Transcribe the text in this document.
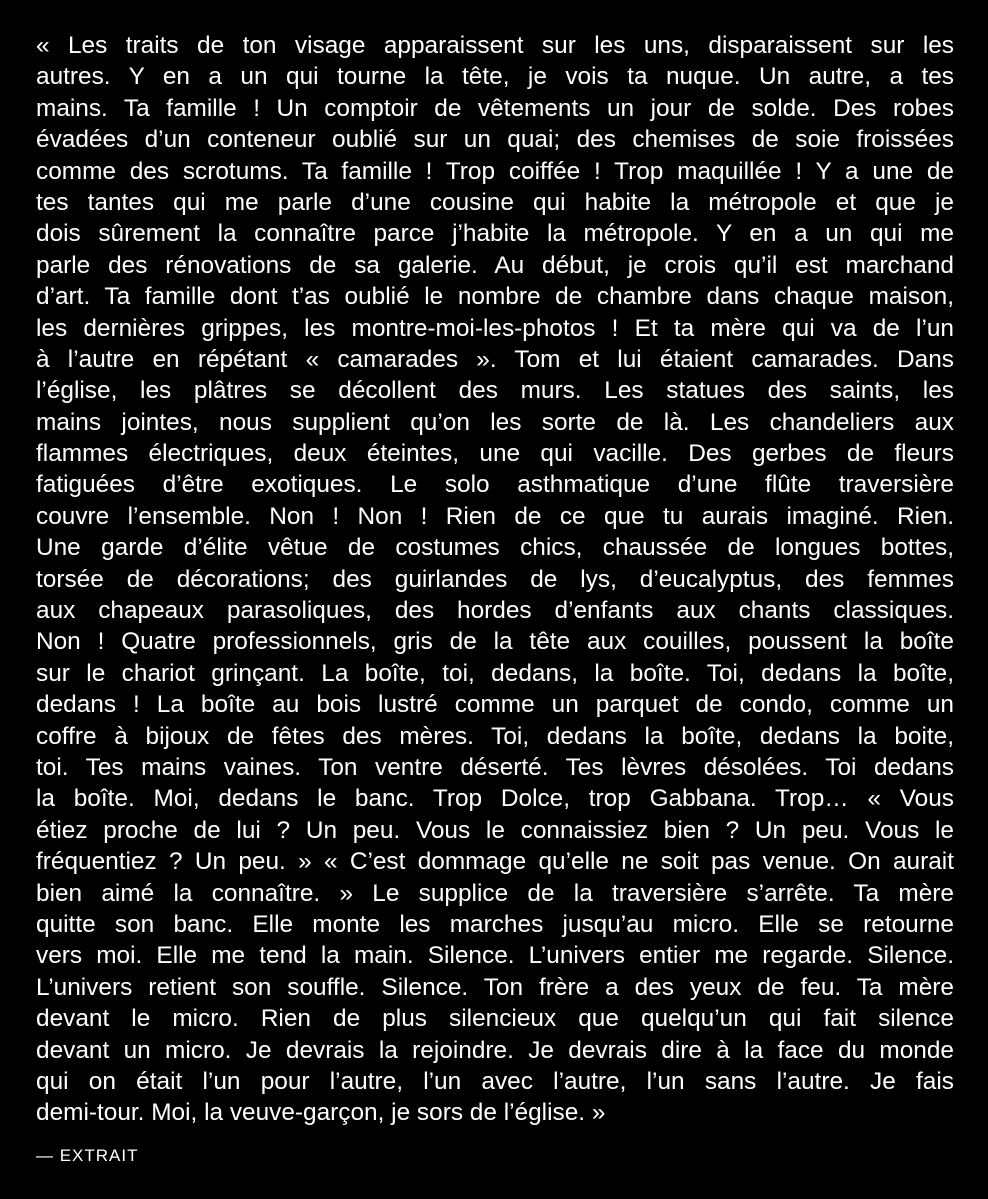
« Les traits de ton visage apparaissent sur les uns, disparaissent sur les
autres. Y en a un qui tourne la tête, je vois ta nuque. Un autre, a tes
mains. Ta famille ! Un comptoir de vêtements un jour de solde. Des robes
évadées d’un conteneur oublié sur un quai; des chemises de soie froissées
comme des scrotums. Ta famille ! Trop coiffée ! Trop maquillée ! Y a une de
tes tantes qui me parle d’une cousine qui habite la métropole et que je
dois sûrement la connaître parce j’habite la métropole. Y en a un qui me
parle des rénovations de sa galerie. Au début, je crois qu’il est marchand
d’art. Ta famille dont t’as oublié le nombre de chambre dans chaque maison,
les dernières grippes, les montre-moi-les-photos ! Et ta mère qui va de l’un
à l’autre en répétant « camarades ». Tom et lui étaient camarades. Dans
l’église, les plâtres se décollent des murs. Les statues des saints, les
mains jointes, nous supplient qu’on les sorte de là. Les chandeliers aux
flammes électriques, deux éteintes, une qui vacille. Des gerbes de fleurs
fatiguées d’être exotiques. Le solo asthmatique d’une flûte traversière
couvre l’ensemble. Non ! Non ! Rien de ce que tu aurais imaginé. Rien.
Une garde d’élite vêtue de costumes chics, chaussée de longues bottes,
torsée de décorations; des guirlandes de lys, d’eucalyptus, des femmes
aux chapeaux parasoliques, des hordes d’enfants aux chants classiques.
Non ! Quatre professionnels, gris de la tête aux couilles, poussent la boîte
sur le chariot grinçant. La boîte, toi, dedans, la boîte. Toi, dedans la boîte,
dedans ! La boîte au bois lustré comme un parquet de condo, comme un
coffre à bijoux de fêtes des mères. Toi, dedans la boîte, dedans la boite,
toi. Tes mains vaines. Ton ventre déserté. Tes lèvres désolées. Toi dedans
la boîte. Moi, dedans le banc. Trop Dolce, trop Gabbana. Trop… « Vous
étiez proche de lui ? Un peu. Vous le connaissiez bien ? Un peu. Vous le
fréquentiez ? Un peu. » « C’est dommage qu’elle ne soit pas venue. On aurait
bien aimé la connaître. » Le supplice de la traversière s’arrête. Ta mère
quitte son banc. Elle monte les marches jusqu’au micro. Elle se retourne
vers moi. Elle me tend la main. Silence. L’univers entier me regarde. Silence.
L’univers retient son souffle. Silence. Ton frère a des yeux de feu. Ta mère
devant le micro. Rien de plus silencieux que quelqu’un qui fait silence
devant un micro. Je devrais la rejoindre. Je devrais dire à la face du monde
qui on était l’un pour l’autre, l’un avec l’autre, l’un sans l’autre. Je fais
demi-tour. Moi, la veuve-garçon, je sors de l’église. »
— EXTRAIT
